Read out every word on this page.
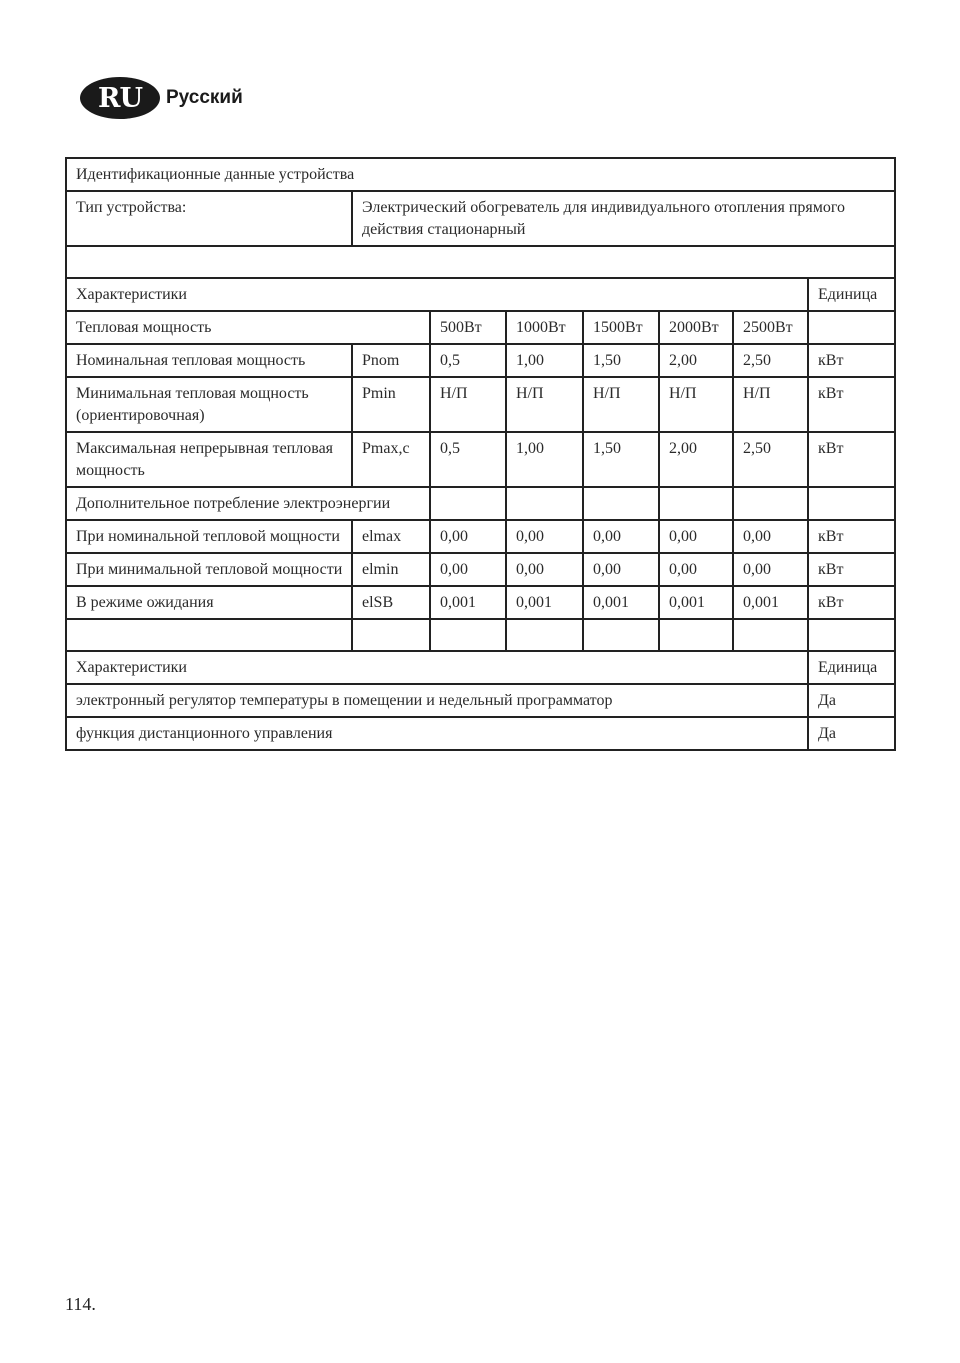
RU	Русский
Идентификационные данные устройства							
Тип устройства:	Электрический обогреватель для индивидуального отопления прямого действия стационарный						

Характеристики							Единица
Тепловая мощность		500Вт	1000Вт	1500Вт	2000Вт	2500Вт	
Номинальная тепловая мощность	Pnom	0,5	1,00	1,50	2,00	2,50	кВт
Минимальная тепловая мощность (ориентировочная)	Pmin	Н/П	Н/П	Н/П	Н/П	Н/П	кВт
Максимальная непрерывная тепловая мощность	Pmax,c	0,5	1,00	1,50	2,00	2,50	кВт
Дополнительное потребление электроэнергии							
При номинальной тепловой мощности	elmax	0,00	0,00	0,00	0,00	0,00	кВт
При минимальной тепловой мощности	elmin	0,00	0,00	0,00	0,00	0,00	кВт
В режиме ожидания	elSB	0,001	0,001	0,001	0,001	0,001	кВт

Характеристики							Единица
электронный регулятор температуры в помещении и недельный программатор							Да
функция дистанционного управления							Да
114.
